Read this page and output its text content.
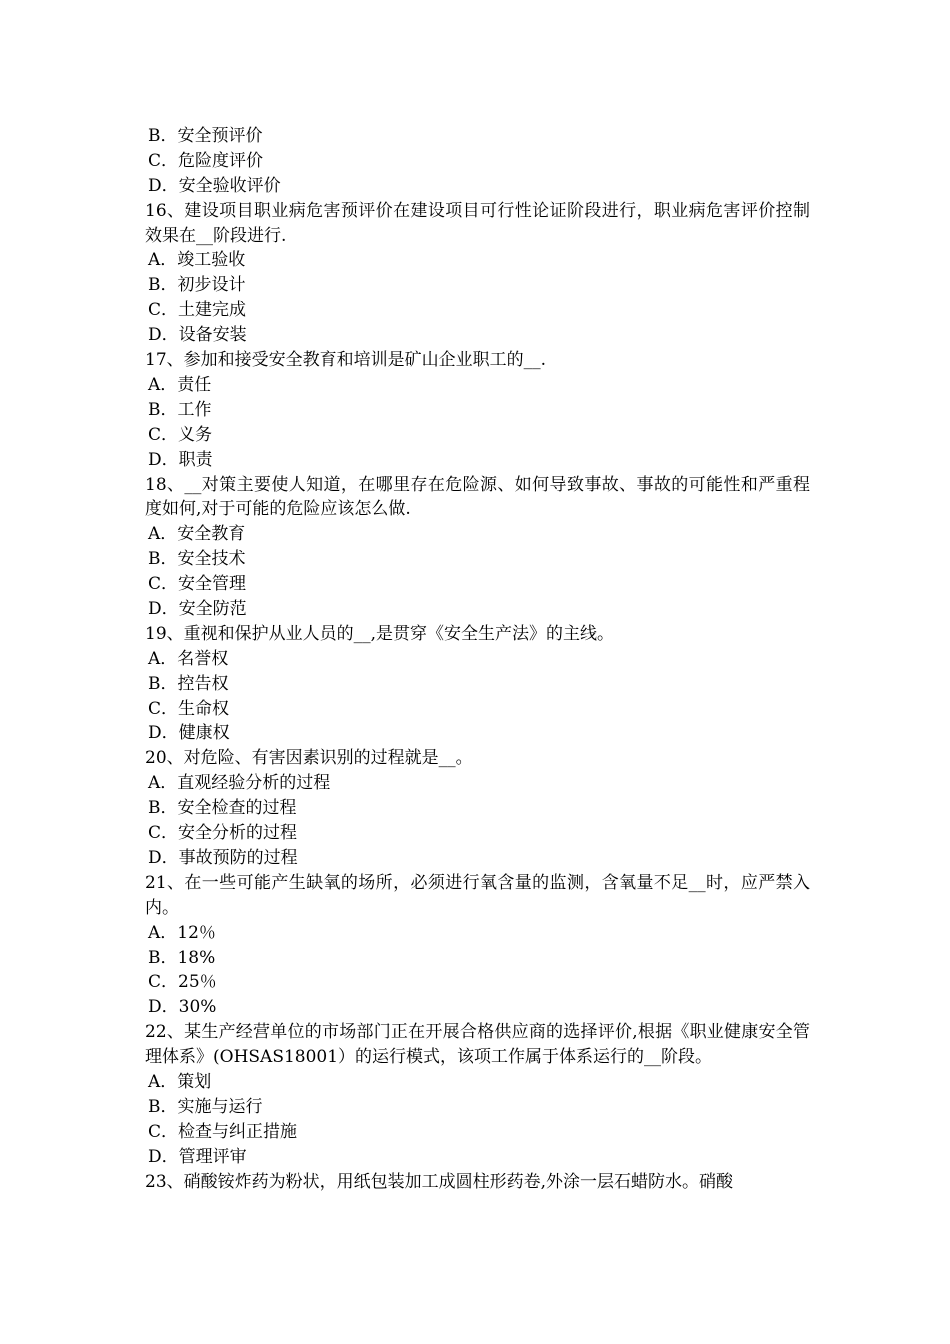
B．安全预评价
C．危险度评价
D．安全验收评价
16、建设项目职业病危害预评价在建设项目可行性论证阶段进行，职业病危害评价控制效果在__阶段进行.
A．竣工验收
B．初步设计
C．土建完成
D．设备安装
17、参加和接受安全教育和培训是矿山企业职工的__.
A．责任
B．工作
C．义务
D．职责
18、__对策主要使人知道，在哪里存在危险源、如何导致事故、事故的可能性和严重程度如何,对于可能的危险应该怎么做.
A．安全教育
B．安全技术
C．安全管理
D．安全防范
19、重视和保护从业人员的__,是贯穿《安全生产法》的主线。
A．名誉权
B．控告权
C．生命权
D．健康权
20、对危险、有害因素识别的过程就是__。
A．直观经验分析的过程
B．安全检查的过程
C．安全分析的过程
D．事故预防的过程
21、在一些可能产生缺氧的场所，必须进行氧含量的监测，含氧量不足__时，应严禁入内。
A．12％
B．18%
C．25％
D．30%
22、某生产经营单位的市场部门正在开展合格供应商的选择评价,根据《职业健康安全管理体系》(OHSAS18001）的运行模式，该项工作属于体系运行的__阶段。
A．策划
B．实施与运行
C．检查与纠正措施
D．管理评审
23、硝酸铵炸药为粉状，用纸包装加工成圆柱形药卷,外涂一层石蜡防水。硝酸
